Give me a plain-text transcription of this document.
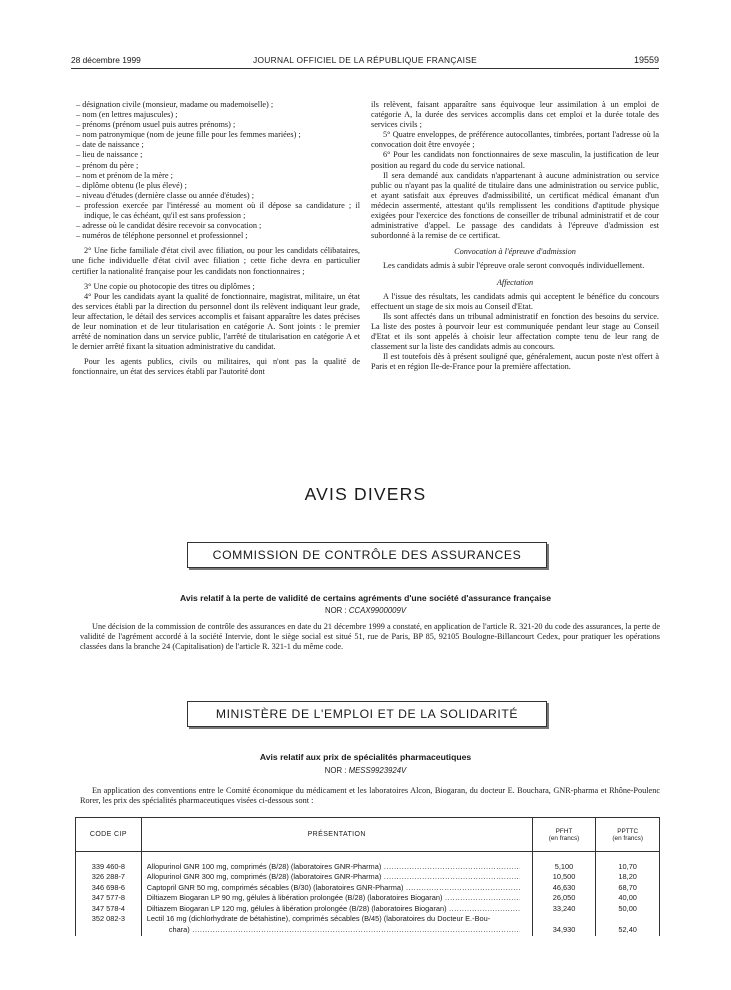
28 décembre 1999	JOURNAL OFFICIEL DE LA RÉPUBLIQUE FRANÇAISE	19559
– désignation civile (monsieur, madame ou mademoiselle) ;
– nom (en lettres majuscules) ;
– prénoms (prénom usuel puis autres prénoms) ;
– nom patronymique (nom de jeune fille pour les femmes mariées) ;
– date de naissance ;
– lieu de naissance ;
– prénom du père ;
– nom et prénom de la mère ;
– diplôme obtenu (le plus élevé) ;
– niveau d'études (dernière classe ou année d'études) ;
– profession exercée par l'intéressé au moment où il dépose sa candidature ; il indique, le cas échéant, qu'il est sans profession ;
– adresse où le candidat désire recevoir sa convocation ;
– numéros de téléphone personnel et professionnel ;

2° Une fiche familiale d'état civil avec filiation, ou pour les candidats célibataires, une fiche individuelle d'état civil avec filiation ; cette fiche devra en particulier certifier la nationalité française pour les candidats non fonctionnaires ;

3° Une copie ou photocopie des titres ou diplômes ;

4° Pour les candidats ayant la qualité de fonctionnaire, magistrat, militaire, un état des services établi par la direction du personnel dont ils relèvent indiquant leur grade, leur affectation, le détail des services accomplis et faisant apparaître les dates précises de leur nomination et de leur titularisation en catégorie A. Sont joints : le premier arrêté de nomination dans un service public, l'arrêté de titularisation en catégorie A et le dernier arrêté fixant la situation administrative du candidat.

Pour les agents publics, civils ou militaires, qui n'ont pas la qualité de fonctionnaire, un état des services établi par l'autorité dont

ils relèvent, faisant apparaître sans équivoque leur assimilation à un emploi de catégorie A, la durée des services accomplis dans cet emploi et la durée totale des services civils ;

5° Quatre enveloppes, de préférence autocollantes, timbrées, portant l'adresse où la convocation doit être envoyée ;

6° Pour les candidats non fonctionnaires de sexe masculin, la justification de leur position au regard du code du service national.

Il sera demandé aux candidats n'appartenant à aucune administration ou service public ou n'ayant pas la qualité de titulaire dans une administration ou service public, et ayant satisfait aux épreuves d'admissibilité, un certificat médical émanant d'un médecin assermenté, attestant qu'ils remplissent les conditions d'aptitude physique exigées pour l'exercice des fonctions de conseiller de tribunal administratif et de cour administrative d'appel. Le passage des candidats à l'épreuve d'admission est subordonné à la remise de ce certificat.

Convocation à l'épreuve d'admission

Les candidats admis à subir l'épreuve orale seront convoqués individuellement.

Affectation

A l'issue des résultats, les candidats admis qui acceptent le bénéfice du concours effectuent un stage de six mois au Conseil d'Etat.

Ils sont affectés dans un tribunal administratif en fonction des besoins du service. La liste des postes à pourvoir leur est communiquée pendant leur stage au Conseil d'Etat et ils sont appelés à choisir leur affectation compte tenu de leur rang de classement sur la liste des candidats admis au concours.

Il est toutefois dès à présent souligné que, généralement, aucun poste n'est offert à Paris et en région Ile-de-France pour la première affectation.

AVIS DIVERS
COMMISSION DE CONTRÔLE DES ASSURANCES
Avis relatif à la perte de validité de certains agréments d'une société d'assurance française
NOR : CCAX9900009V
Une décision de la commission de contrôle des assurances en date du 21 décembre 1999 a constaté, en application de l'article R. 321-20 du code des assurances, la perte de validité de l'agrément accordé à la société Intervie, dont le siège social est situé 51, rue de Paris, BP 85, 92105 Boulogne-Billancourt Cedex, pour pratiquer les opérations classées dans la branche 24 (Capitalisation) de l'article R. 321-1 du même code.
MINISTÈRE DE L'EMPLOI ET DE LA SOLIDARITÉ
Avis relatif aux prix de spécialités pharmaceutiques
NOR : MESS9923924V
En application des conventions entre le Comité économique du médicament et les laboratoires Alcon, Biogaran, du docteur E. Bouchara, GNR-pharma et Rhône-Poulenc Rorer, les prix des spécialités pharmaceutiques visées ci-dessous sont :
CODE CIP	PRÉSENTATION	PFHT
(en francs)	PPTTC
(en francs)

339 460-8	Allopurinol GNR 100 mg, comprimés (B/28) (laboratoires GNR-Pharma) .....	5,100	10,70
326 288-7	Allopurinol GNR 300 mg, comprimés (B/28) (laboratoires GNR-Pharma) .....	10,500	18,20
346 698-6	Captopril GNR 50 mg, comprimés sécables (B/30) (laboratoires GNR-Pharma) .....	46,630	68,70
347 577-8	Diltiazem Biogaran LP 90 mg, gélules à libération prolongée (B/28) (laboratoires Biogaran) .....	26,050	40,00
347 578-4	Diltiazem Biogaran LP 120 mg, gélules à libération prolongée (B/28) (laboratoires Biogaran) .....	33,240	50,00
352 082-3	Lectil 16 mg (dichlorhydrate de bétahistine), comprimés sécables (B/45) (laboratoires du Docteur E.-Bou-
chara) .....	34,930	52,40
